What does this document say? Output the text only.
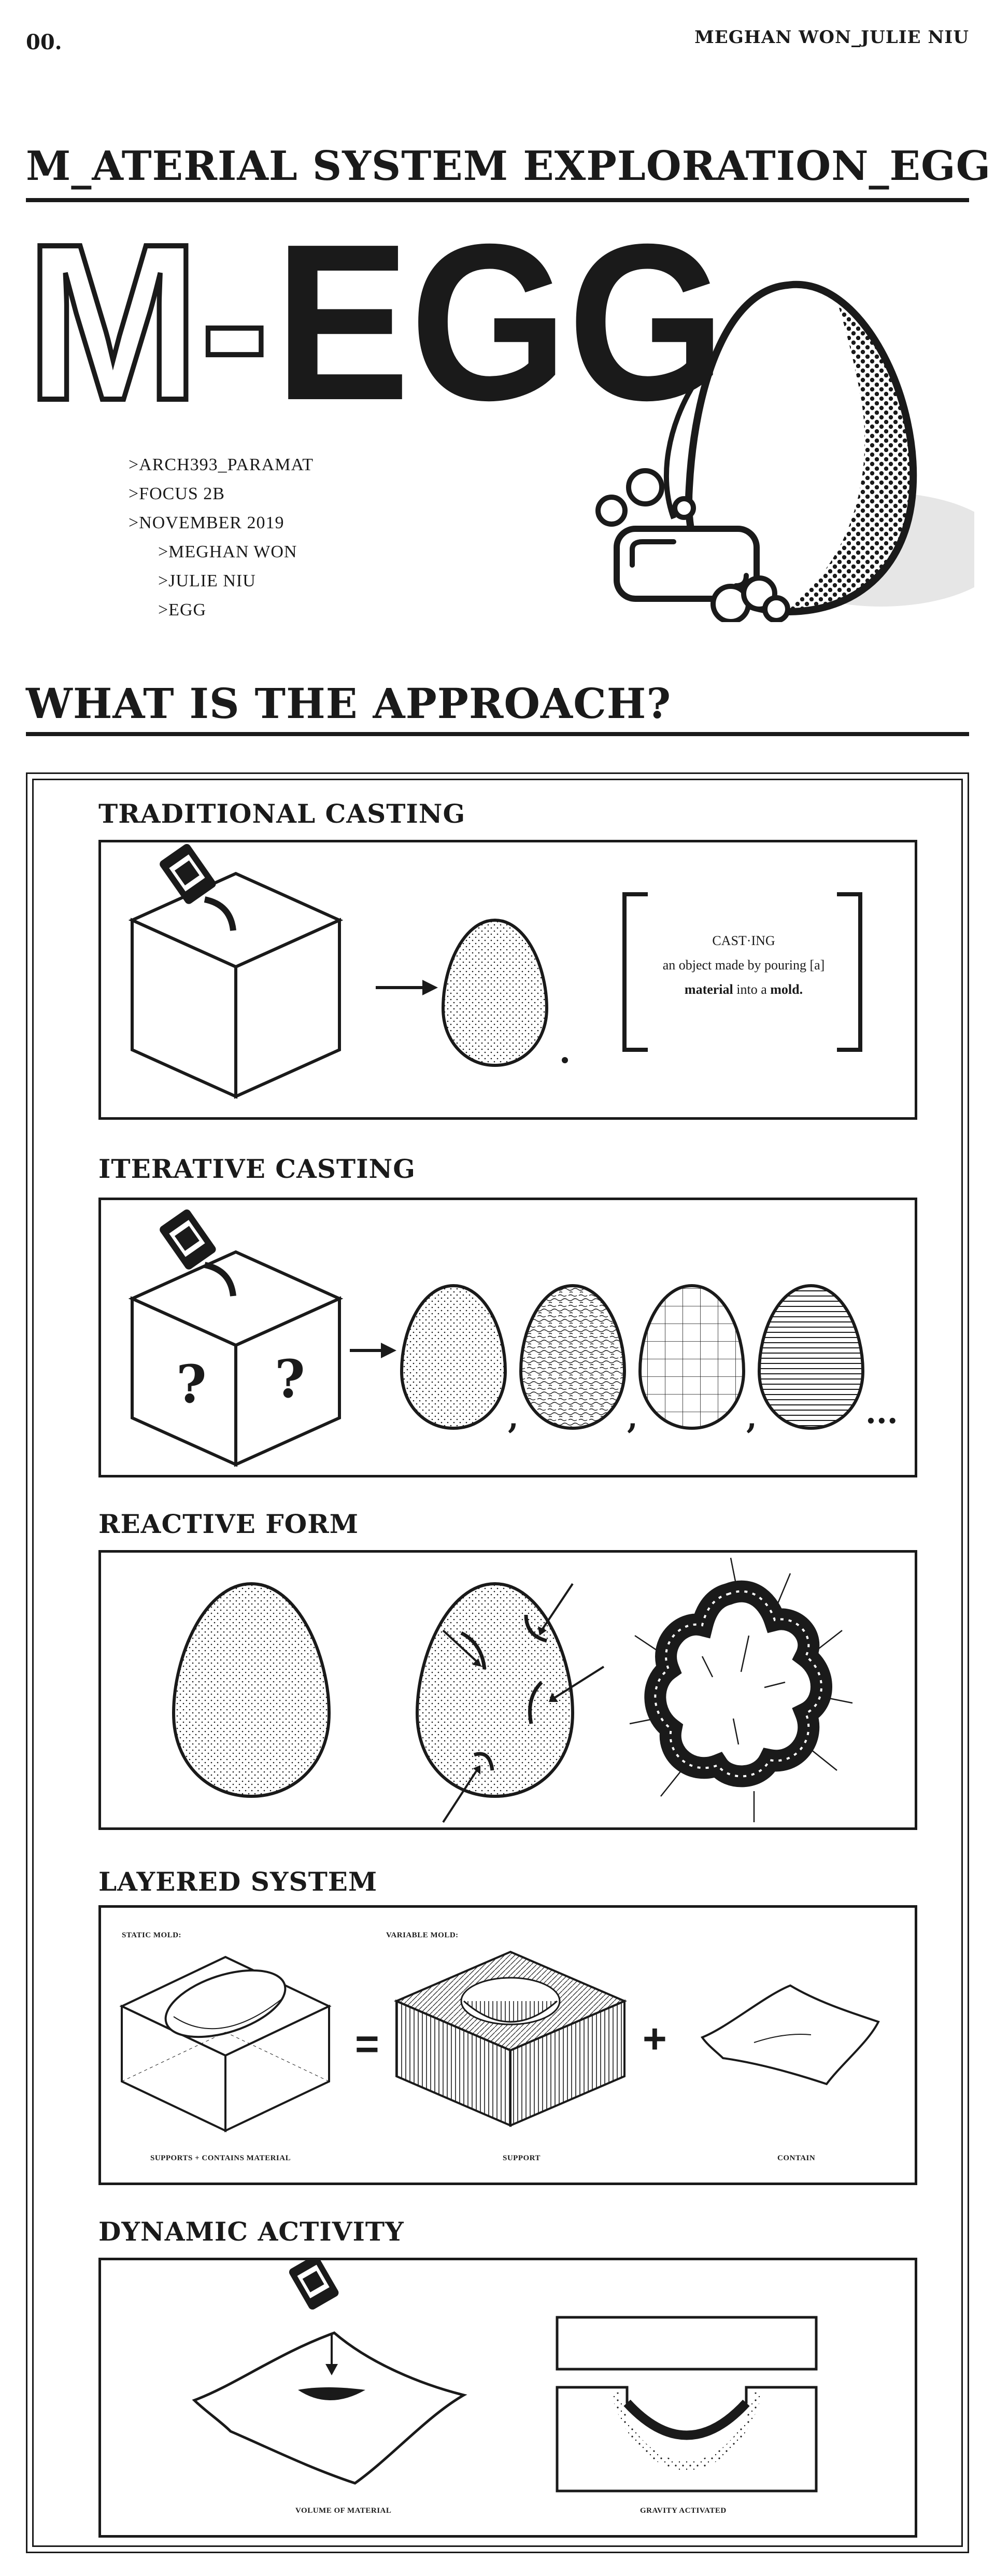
00.	MEGHAN WON_JULIE NIU
M_ATERIAL SYSTEM EXPLORATION_EGG
M- EGG
>ARCH393_PARAMAT
>FOCUS 2B
>NOVEMBER 2019
>MEGHAN WON
>JULIE NIU
>EGG
WHAT IS THE APPROACH?
TRADITIONAL CASTING
CAST·ING
an object made by pouring [a]
material into a mold.
ITERATIVE CASTING
? ?
,	,	,	...
REACTIVE FORM
LAYERED SYSTEM
=	+
STATIC MOLD:	VARIABLE MOLD:
SUPPORTS + CONTAINS MATERIAL	SUPPORT	CONTAIN
DYNAMIC ACTIVITY
VOLUME OF MATERIAL	GRAVITY ACTIVATED
